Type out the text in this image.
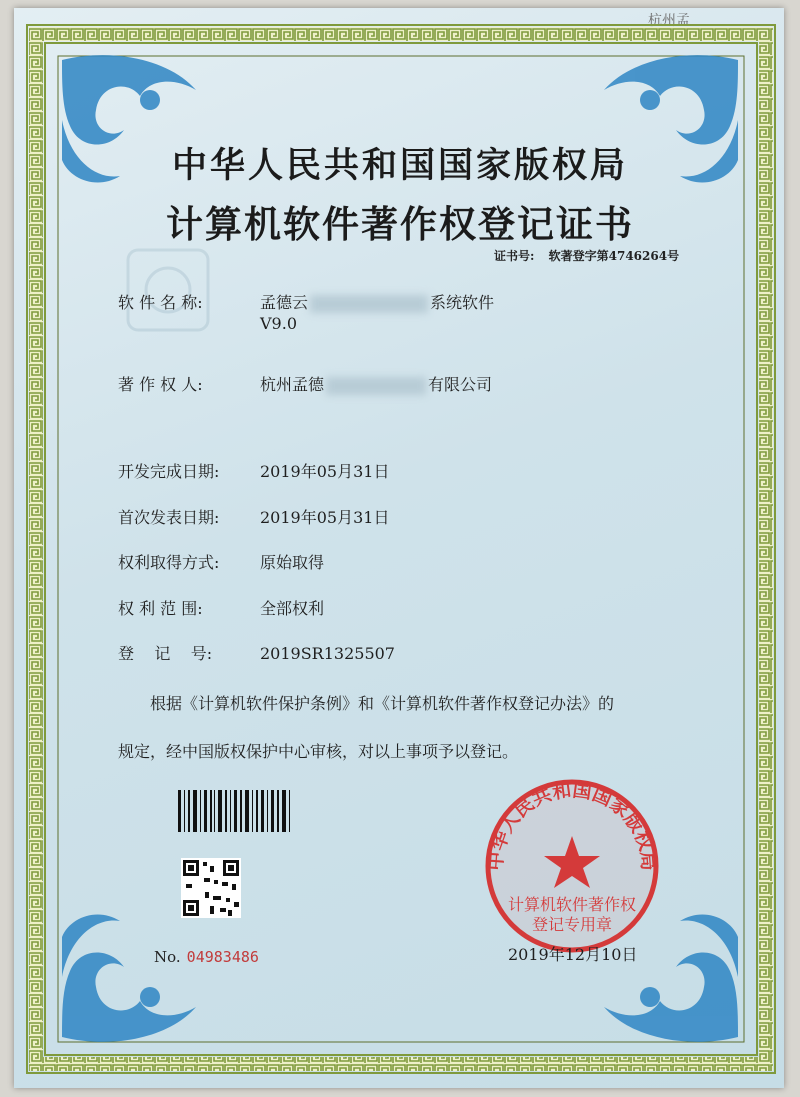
杭州孟
中华人民共和国国家版权局
计算机软件著作权
登记专用章
中华人民共和国国家版权局
计算机软件著作权登记证书
证书号: 软著登字第4746264号
软 件 名 称:	孟德云	系统软件
V9.0
著 作 权 人:	杭州孟德	有限公司
开发完成日期:	2019年05月31日
首次发表日期:	2019年05月31日
权利取得方式:	原始取得
权 利 范 围:	全部权利
登    记    号:	2019SR1325507
根据《计算机软件保护条例》和《计算机软件著作权登记办法》的
规定，经中国版权保护中心审核，对以上事项予以登记。
No. 04983486	2019年12月10日
